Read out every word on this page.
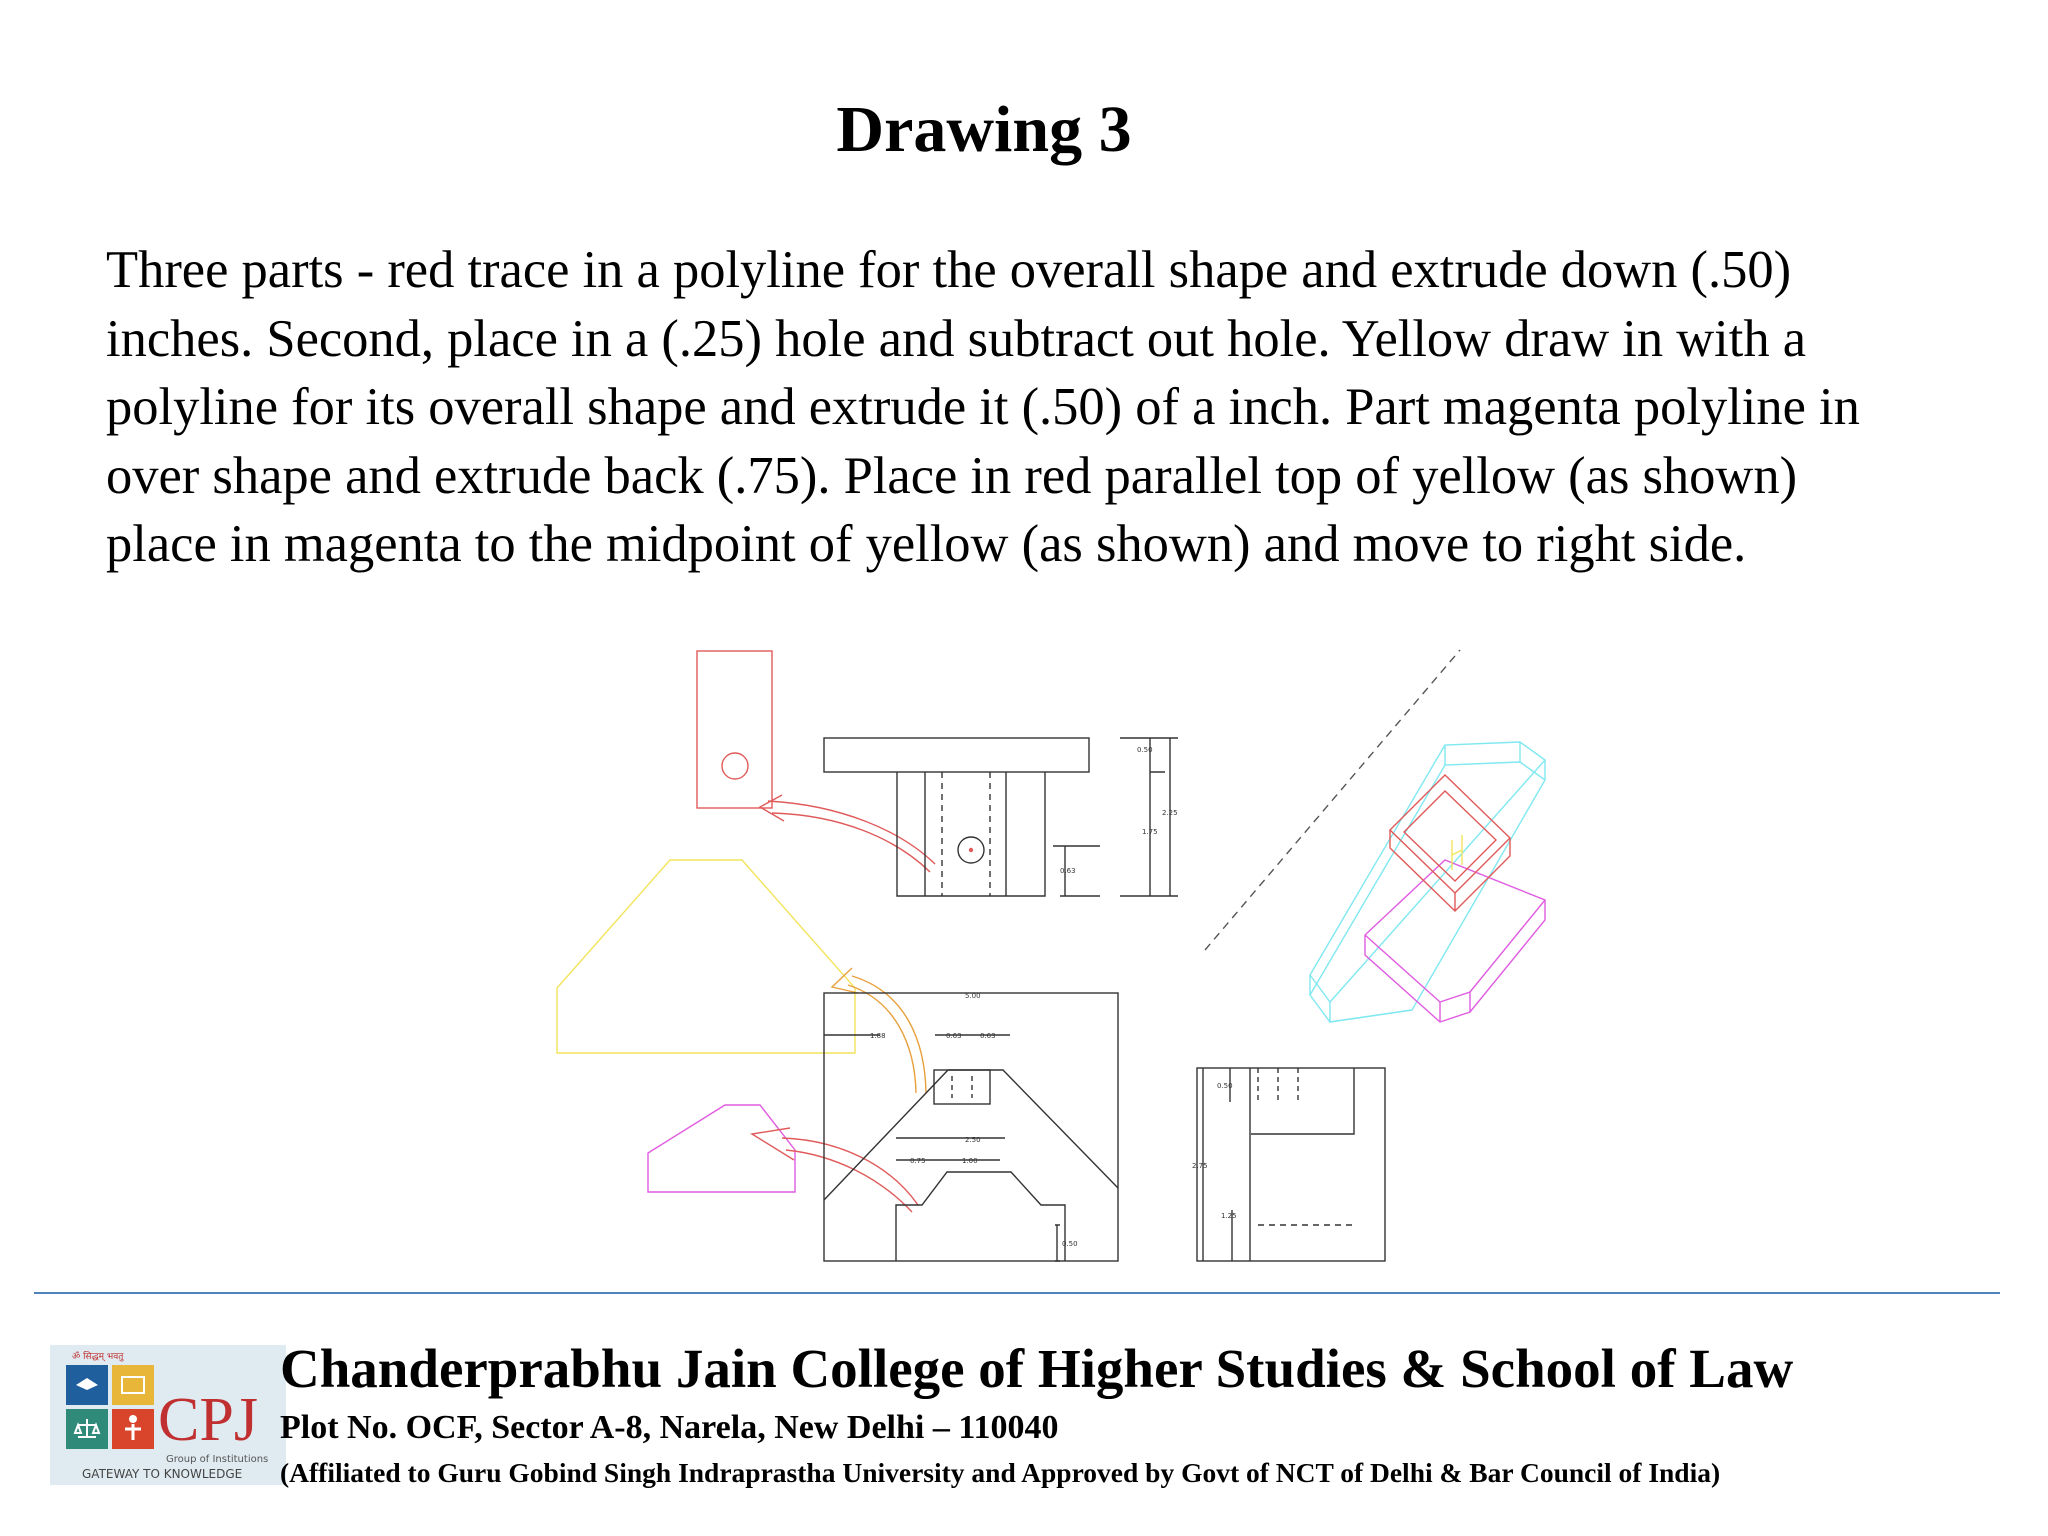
Drawing 3
Three parts - red trace in a polyline for the overall shape and extrude down (.50)
inches. Second, place in a (.25) hole and subtract out hole. Yellow draw in with a
polyline for its overall shape and extrude it (.50) of a inch. Part magenta polyline in
over shape and extrude back (.75). Place in red parallel top of yellow (as shown)
place in magenta to the midpoint of yellow (as shown) and move to right side.
0.50
2.25
1.75
0.63
5.00
1.88	0.63	0.63
2.50
0.75	1.00
0.50
0.50
2.75
1.25
ॐ सिद्धम् भवतु
CPJ
Group of Institutions
GATEWAY TO KNOWLEDGE
Chanderprabhu Jain College of Higher Studies & School of Law
Plot No. OCF, Sector A-8, Narela, New Delhi – 110040
(Affiliated to Guru Gobind Singh Indraprastha University and Approved by Govt of NCT of Delhi & Bar Council of India)
